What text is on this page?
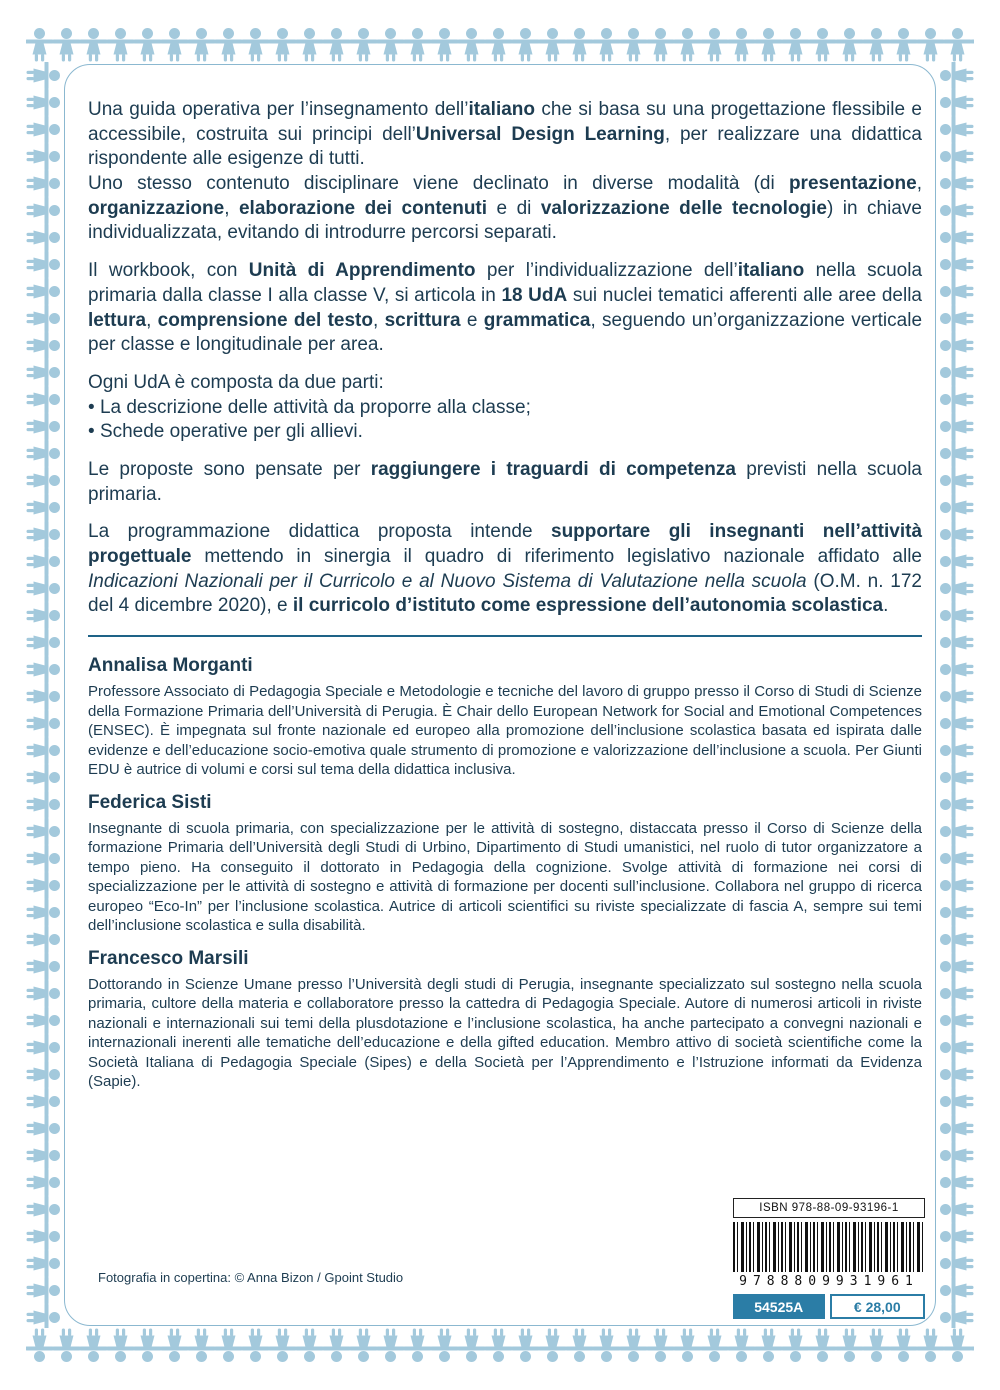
Una guida operativa per l’insegnamento dell’italiano che si basa su una progettazione flessibile e accessibile, costruita sui principi dell’Universal Design Learning, per realizzare una didattica rispondente alle esigenze di tutti.

Uno stesso contenuto disciplinare viene declinato in diverse modalità (di presentazione, organizzazione, elaborazione dei contenuti e di valorizzazione delle tecnologie) in chiave individualizzata, evitando di introdurre percorsi separati.

Il workbook, con Unità di Apprendimento per l’individualizzazione dell’italiano nella scuola primaria dalla classe I alla classe V, si articola in 18 UdA sui nuclei tematici afferenti alle aree della lettura, comprensione del testo, scrittura e grammatica, seguendo un’organizzazione verticale per classe e longitudinale per area.

Ogni UdA è composta da due parti:

• La descrizione delle attività da proporre alla classe;
• Schede operative per gli allievi.

Le proposte sono pensate per raggiungere i traguardi di competenza previsti nella scuola primaria.

La programmazione didattica proposta intende supportare gli insegnanti nell’attività progettuale mettendo in sinergia il quadro di riferimento legislativo nazionale affidato alle Indicazioni Nazionali per il Curricolo e al Nuovo Sistema di Valutazione nella scuola (O.M. n. 172 del 4 dicembre 2020), e il curricolo d’istituto come espressione dell’autonomia scolastica.

Annalisa Morganti

Professore Associato di Pedagogia Speciale e Metodologie e tecniche del lavoro di gruppo presso il Corso di Studi di Scienze della Formazione Primaria dell’Università di Perugia. È Chair dello European Network for Social and Emotional Competences (ENSEC). È impegnata sul fronte nazionale ed europeo alla promozione dell’inclusione scolastica basata ed ispirata dalle evidenze e dell’educazione socio-emotiva quale strumento di promozione e valorizzazione dell’inclusione a scuola. Per Giunti EDU è autrice di volumi e corsi sul tema della didattica inclusiva.

Federica Sisti

Insegnante di scuola primaria, con specializzazione per le attività di sostegno, distaccata presso il Corso di Scienze della formazione Primaria dell’Università degli Studi di Urbino, Dipartimento di Studi umanistici, nel ruolo di tutor organizzatore a tempo pieno. Ha conseguito il dottorato in Pedagogia della cognizione. Svolge attività di formazione nei corsi di specializzazione per le attività di sostegno e attività di formazione per docenti sull’inclusione. Collabora nel gruppo di ricerca europeo “Eco-In” per l’inclusione scolastica. Autrice di articoli scientifici su riviste specializzate di fascia A, sempre sui temi dell’inclusione scolastica e sulla disabilità.

Francesco Marsili

Dottorando in Scienze Umane presso l’Università degli studi di Perugia, insegnante specializzato sul sostegno nella scuola primaria, cultore della materia e collaboratore presso la cattedra di Pedagogia Speciale. Autore di numerosi articoli in riviste nazionali e internazionali sui temi della plusdotazione e l’inclusione scolastica, ha anche partecipato a convegni nazionali e internazionali inerenti alle tematiche dell’educazione e della gifted education. Membro attivo di società scientifiche come la Società Italiana di Pedagogia Speciale (Sipes) e della Società per l’Apprendimento e l’Istruzione informati da Evidenza (Sapie).

Fotografia in copertina: © Anna Bizon / Gpoint Studio
ISBN 978-88-09-93196-1
9788809931961
54525A	€ 28,00
